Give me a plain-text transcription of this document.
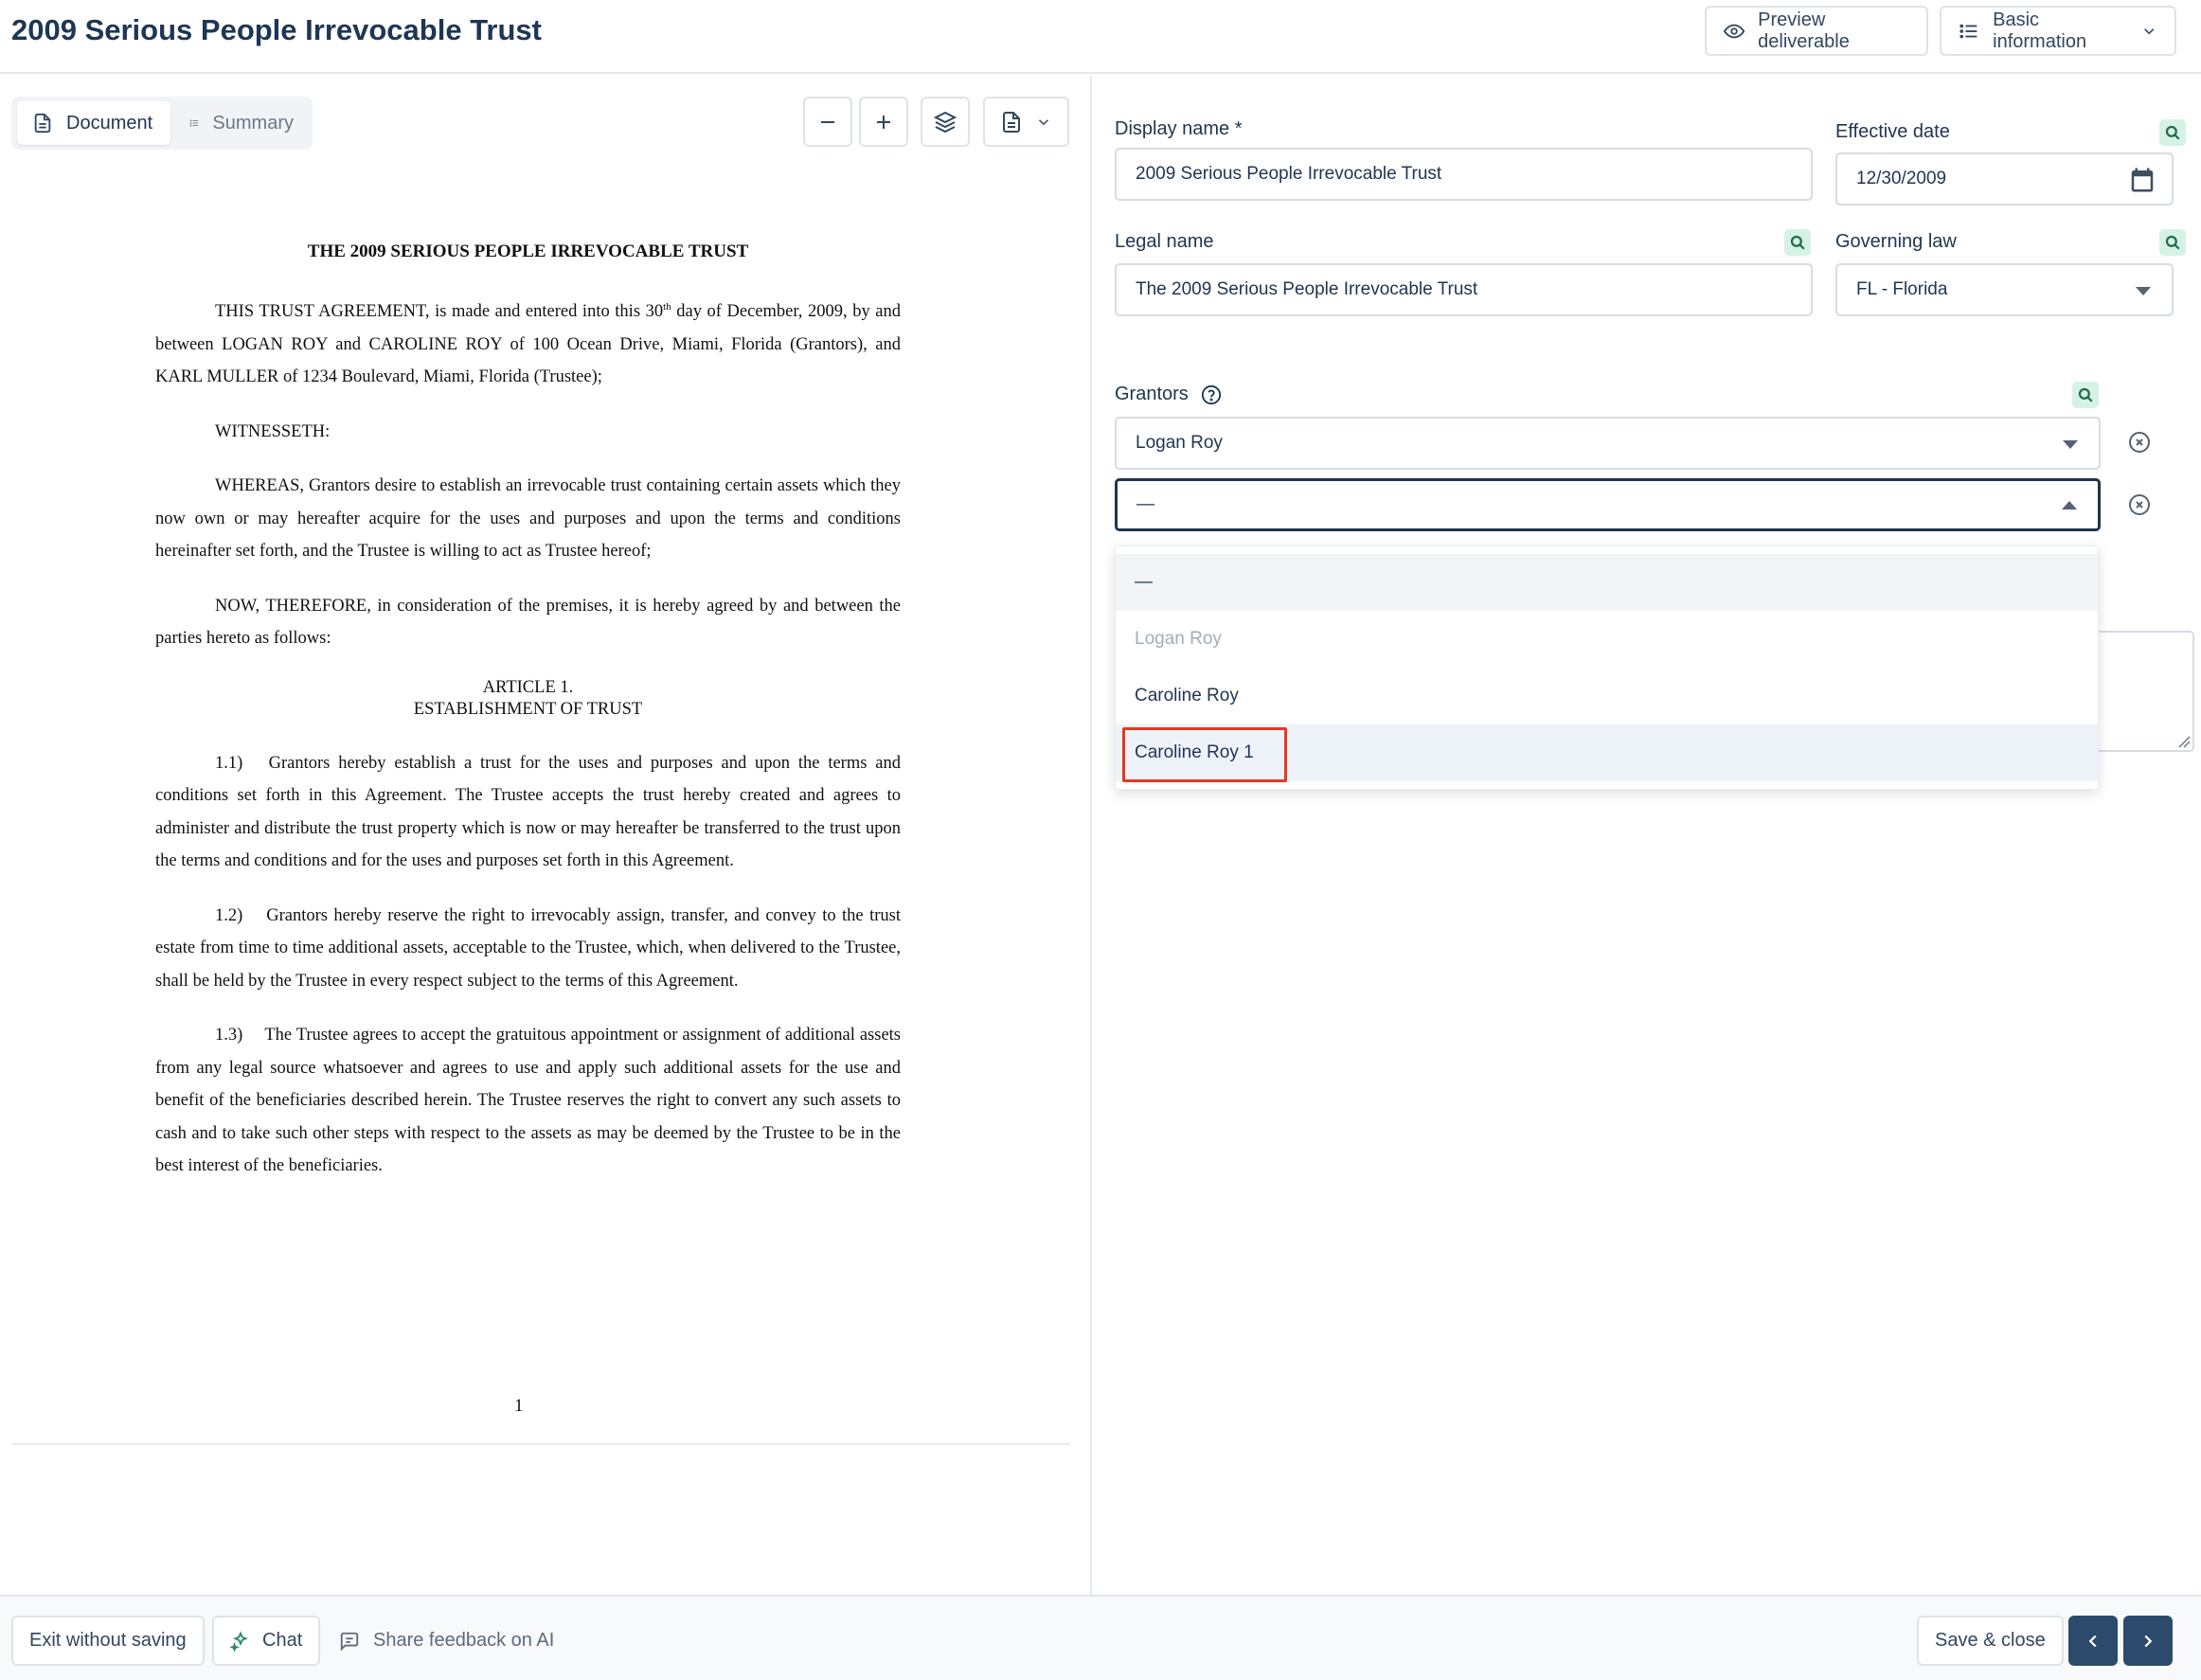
2009 Serious People Irrevocable Trust	Preview deliverable
Basic information
Document	Summary
THE 2009 SERIOUS PEOPLE IRREVOCABLE TRUST

THIS TRUST AGREEMENT, is made and entered into this 30th day of December, 2009, by and between LOGAN ROY and CAROLINE ROY of 100 Ocean Drive, Miami, Florida (Grantors), and KARL MULLER of 1234 Boulevard, Miami, Florida (Trustee);

WITNESSETH:

WHEREAS, Grantors desire to establish an irrevocable trust containing certain assets which they now own or may hereafter acquire for the uses and purposes and upon the terms and conditions hereinafter set forth, and the Trustee is willing to act as Trustee hereof;

NOW, THEREFORE, in consideration of the premises, it is hereby agreed by and between the parties hereto as follows:

ARTICLE 1.
ESTABLISHMENT OF TRUST

1.1)  Grantors hereby establish a trust for the uses and purposes and upon the terms and conditions set forth in this Agreement. The Trustee accepts the trust hereby created and agrees to administer and distribute the trust property which is now or may hereafter be transferred to the trust upon the terms and conditions and for the uses and purposes set forth in this Agreement.

1.2)  Grantors hereby reserve the right to irrevocably assign, transfer, and convey to the trust estate from time to time additional assets, acceptable to the Trustee, which, when delivered to the Trustee, shall be held by the Trustee in every respect subject to the terms of this Agreement.

1.3)  The Trustee agrees to accept the gratuitous appointment or assignment of additional assets from any legal source whatsoever and agrees to use and apply such additional assets for the use and benefit of the beneficiaries described herein. The Trustee reserves the right to convert any such assets to cash and to take such other steps with respect to the assets as may be deemed by the Trustee to be in the best interest of the beneficiaries.

1
Display name *
2009 Serious People Irrevocable Trust
Effective date
12/30/2009
Legal name
The 2009 Serious People Irrevocable Trust
Governing law
FL - Florida
Grantors
Logan Roy
—
—
Logan Roy
Caroline Roy
Caroline Roy 1
Exit without saving	Chat	Share feedback on AI	Save & close
